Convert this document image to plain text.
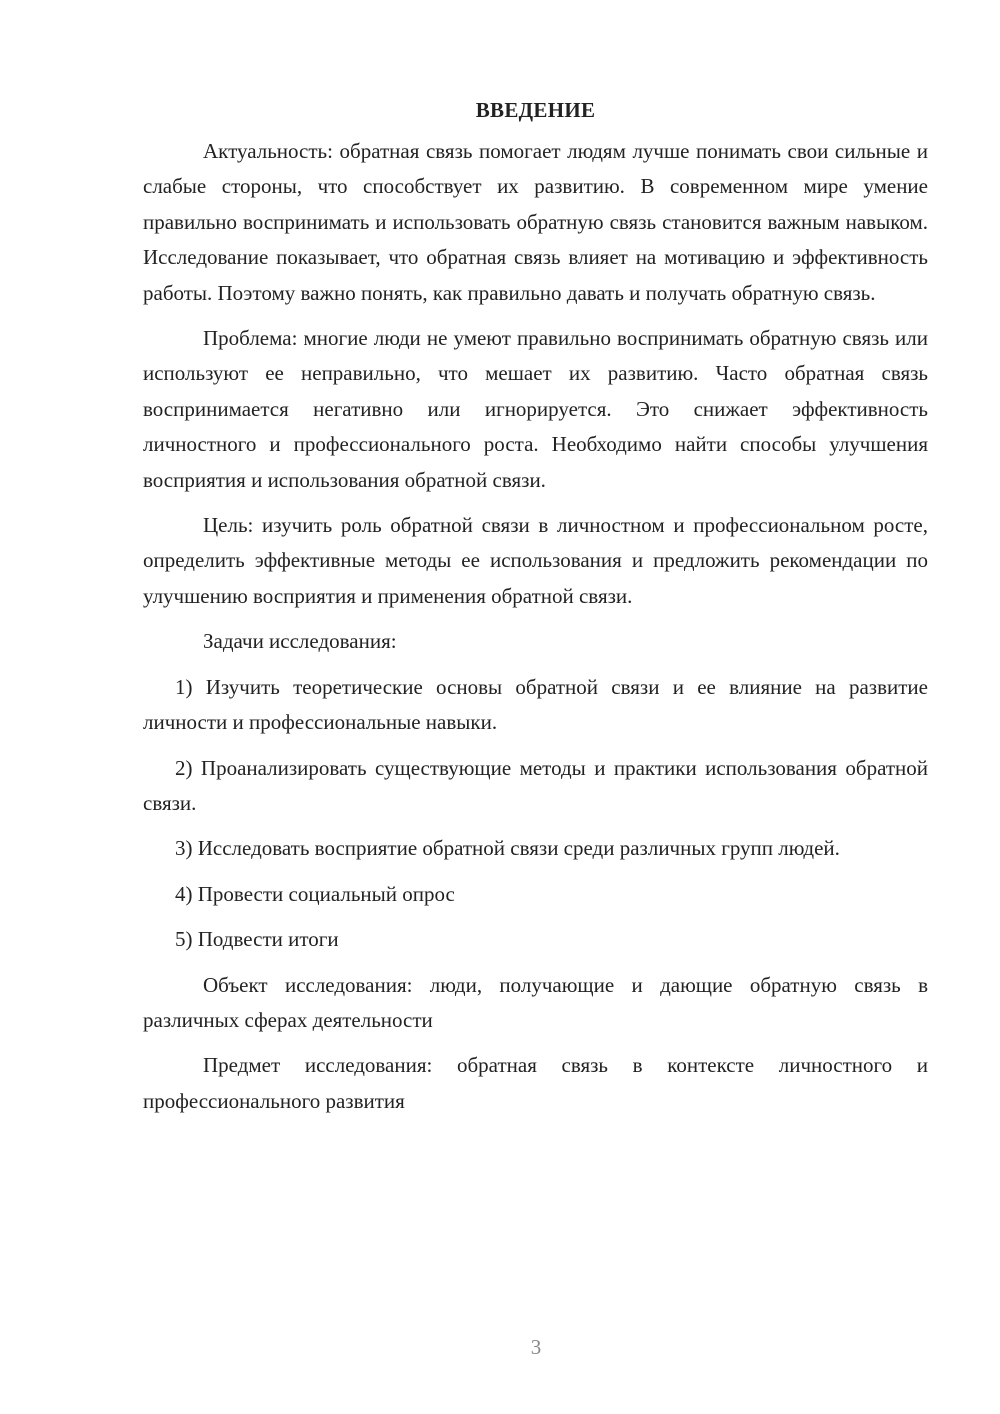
ВВЕДЕНИЕ

Актуальность: обратная связь помогает людям лучше понимать свои сильные и слабые стороны, что способствует их развитию. В современном мире умение правильно воспринимать и использовать обратную связь становится важным навыком. Исследование показывает, что обратная связь влияет на мотивацию и эффективность работы. Поэтому важно понять, как правильно давать и получать обратную связь.

Проблема: многие люди не умеют правильно воспринимать обратную связь или используют ее неправильно, что мешает их развитию. Часто обратная связь воспринимается негативно или игнорируется. Это снижает эффективность личностного и профессионального роста. Необходимо найти способы улучшения восприятия и использования обратной связи.

Цель: изучить роль обратной связи в личностном и профессиональном росте, определить эффективные методы ее использования и предложить рекомендации по улучшению восприятия и применения обратной связи.

Задачи исследования:

1) Изучить теоретические основы обратной связи и ее влияние на развитие личности и профессиональные навыки.

2) Проанализировать существующие методы и практики использования обратной связи.

3) Исследовать восприятие обратной связи среди различных групп людей.

4) Провести социальный опрос

5) Подвести итоги

Объект исследования: люди, получающие и дающие обратную связь в различных сферах деятельности

Предмет исследования: обратная связь в контексте личностного и профессионального развития

3
